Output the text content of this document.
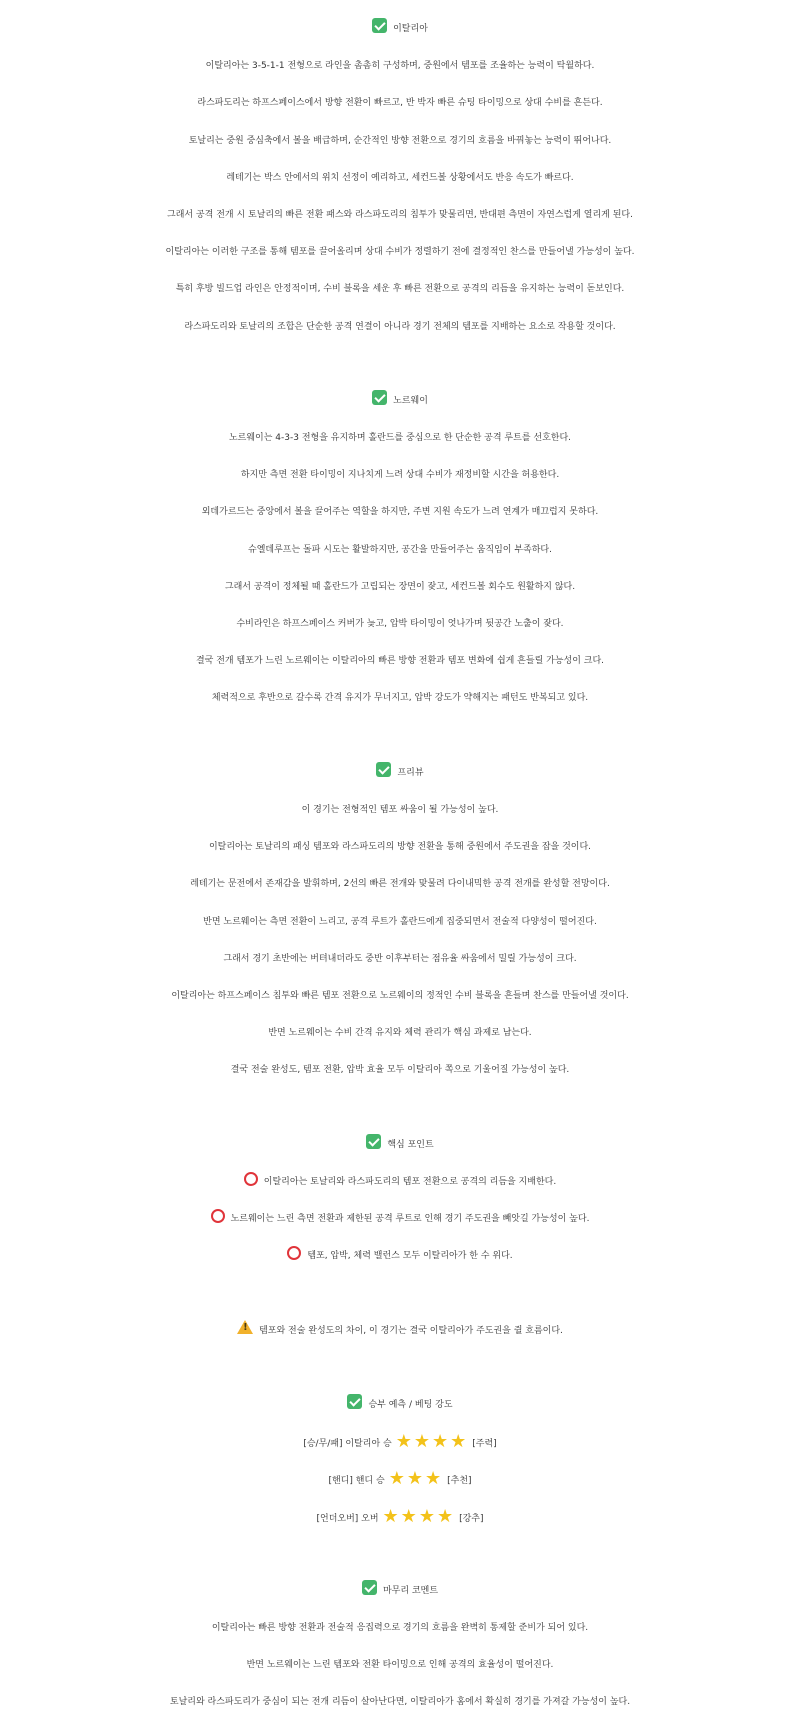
이탈리아
이탈리아는 3-5-1-1 전형으로 라인을 촘촘히 구성하며, 중원에서 템포를 조율하는 능력이 탁월하다.
라스파도리는 하프스페이스에서 방향 전환이 빠르고, 반 박자 빠른 슈팅 타이밍으로 상대 수비를 흔든다.
토날리는 중원 중심축에서 볼을 배급하며, 순간적인 방향 전환으로 경기의 흐름을 바꿔놓는 능력이 뛰어나다.
레테기는 박스 안에서의 위치 선정이 예리하고, 세컨드볼 상황에서도 반응 속도가 빠르다.
그래서 공격 전개 시 토날리의 빠른 전환 패스와 라스파도리의 침투가 맞물리면, 반대편 측면이 자연스럽게 열리게 된다.
이탈리아는 이러한 구조를 통해 템포를 끌어올리며 상대 수비가 정렬하기 전에 결정적인 찬스를 만들어낼 가능성이 높다.
특히 후방 빌드업 라인은 안정적이며, 수비 블록을 세운 후 빠른 전환으로 공격의 리듬을 유지하는 능력이 돋보인다.
라스파도리와 토날리의 조합은 단순한 공격 연결이 아니라 경기 전체의 템포를 지배하는 요소로 작용할 것이다.
노르웨이
노르웨이는 4-3-3 전형을 유지하며 홀란드를 중심으로 한 단순한 공격 루트를 선호한다.
하지만 측면 전환 타이밍이 지나치게 느려 상대 수비가 재정비할 시간을 허용한다.
외데가르드는 중앙에서 볼을 끌어주는 역할을 하지만, 주변 지원 속도가 느려 연계가 매끄럽지 못하다.
슈옐데루프는 돌파 시도는 활발하지만, 공간을 만들어주는 움직임이 부족하다.
그래서 공격이 정체될 때 홀란드가 고립되는 장면이 잦고, 세컨드볼 회수도 원활하지 않다.
수비라인은 하프스페이스 커버가 늦고, 압박 타이밍이 엇나가며 뒷공간 노출이 잦다.
결국 전개 템포가 느린 노르웨이는 이탈리아의 빠른 방향 전환과 템포 변화에 쉽게 흔들릴 가능성이 크다.
체력적으로 후반으로 갈수록 간격 유지가 무너지고, 압박 강도가 약해지는 패턴도 반복되고 있다.
프리뷰
이 경기는 전형적인 템포 싸움이 될 가능성이 높다.
이탈리아는 토날리의 패싱 템포와 라스파도리의 방향 전환을 통해 중원에서 주도권을 잡을 것이다.
레테기는 문전에서 존재감을 발휘하며, 2선의 빠른 전개와 맞물려 다이내믹한 공격 전개를 완성할 전망이다.
반면 노르웨이는 측면 전환이 느리고, 공격 루트가 홀란드에게 집중되면서 전술적 다양성이 떨어진다.
그래서 경기 초반에는 버텨내더라도 중반 이후부터는 점유율 싸움에서 밀릴 가능성이 크다.
이탈리아는 하프스페이스 침투와 빠른 템포 전환으로 노르웨이의 정적인 수비 블록을 흔들며 찬스를 만들어낼 것이다.
반면 노르웨이는 수비 간격 유지와 체력 관리가 핵심 과제로 남는다.
결국 전술 완성도, 템포 전환, 압박 효율 모두 이탈리아 쪽으로 기울어질 가능성이 높다.
핵심 포인트
이탈리아는 토날리와 라스파도리의 템포 전환으로 공격의 리듬을 지배한다.
노르웨이는 느린 측면 전환과 제한된 공격 루트로 인해 경기 주도권을 빼앗길 가능성이 높다.
템포, 압박, 체력 밸런스 모두 이탈리아가 한 수 위다.
!템포와 전술 완성도의 차이, 이 경기는 결국 이탈리아가 주도권을 쥘 흐름이다.
승부 예측 / 베팅 강도
[승/무/패] 이탈리아 승 ★★★★ [주력]
[핸디] 핸디 승 ★★★ [추천]
[언더오버] 오버 ★★★★ [강추]
마무리 코멘트
이탈리아는 빠른 방향 전환과 전술적 응집력으로 경기의 흐름을 완벽히 통제할 준비가 되어 있다.
반면 노르웨이는 느린 템포와 전환 타이밍으로 인해 공격의 효율성이 떨어진다.
토날리와 라스파도리가 중심이 되는 전개 리듬이 살아난다면, 이탈리아가 홈에서 확실히 경기를 가져갈 가능성이 높다.
